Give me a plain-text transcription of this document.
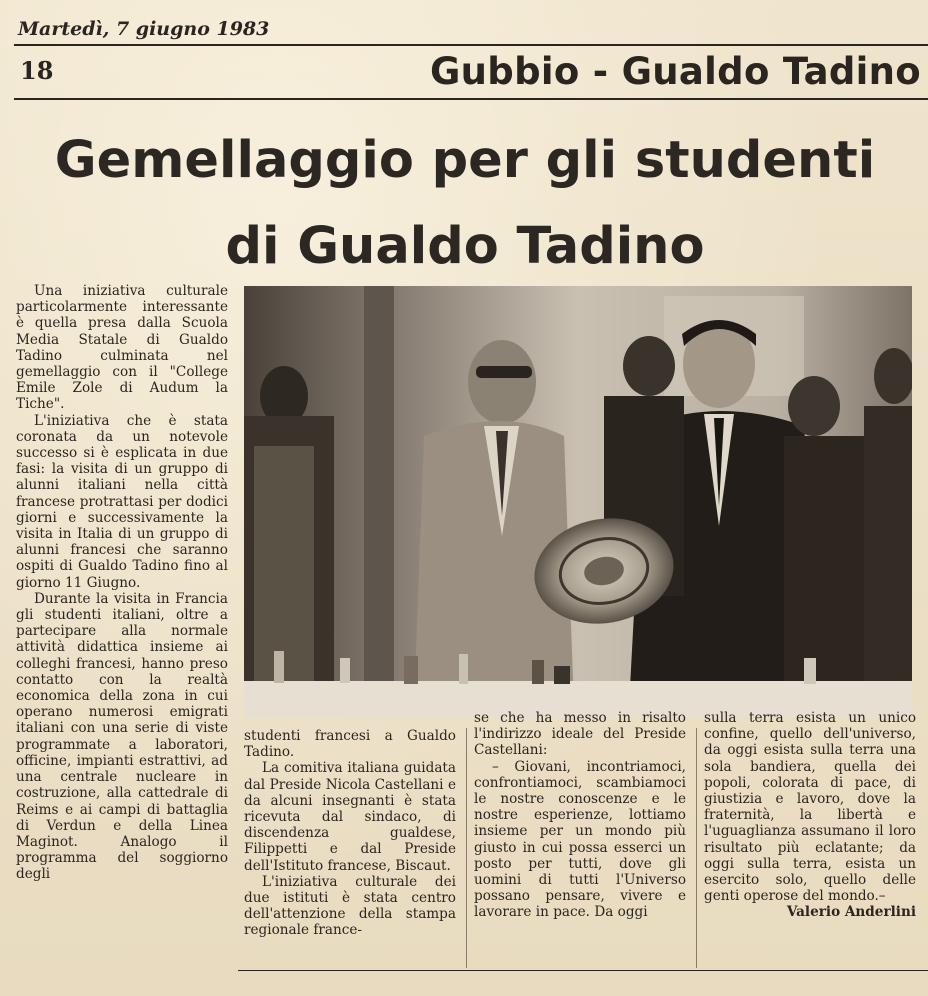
Martedì, 7 giugno 1983
18	Gubbio - Gualdo Tadino
Gemellaggio per gli studenti
di Gualdo Tadino

Una iniziativa culturale particolarmente interessante è quella presa dalla Scuola Media Statale di Gualdo Tadino culminata nel gemellaggio con il "College Emile Zole di Audum la Tiche".

L'iniziativa che è stata coronata da un notevole successo si è esplicata in due fasi: la visita di un gruppo di alunni italiani nella città francese protrattasi per dodici giorni e successivamente la visita in Italia di un gruppo di alunni francesi che saranno ospiti di Gualdo Tadino fino al giorno 11 Giugno.

Durante la visita in Francia gli studenti italiani, oltre a partecipare alla normale attività didattica insieme ai colleghi francesi, hanno preso contatto con la realtà economica della zona in cui operano numerosi emigrati italiani con una serie di viste programmate a laboratori, officine, impianti estrattivi, ad una centrale nucleare in costruzione, alla cattedrale di Reims e ai campi di battaglia di Verdun e della Linea Maginot. Analogo il programma del soggiorno degli

studenti francesi a Gualdo Tadino.

La comitiva italiana guidata dal Preside Nicola Castellani e da alcuni insegnanti è stata ricevuta dal sindaco, di discendenza gualdese, Filippetti e dal Preside dell'Istituto francese, Biscaut.

L'iniziativa culturale dei due istituti è stata centro dell'attenzione della stampa regionale france-

se che ha messo in risalto l'indirizzo ideale del Preside Castellani:

– Giovani, incontriamoci, confrontiamoci, scambiamoci le nostre conoscenze e le nostre esperienze, lottiamo insieme per un mondo più giusto in cui possa esserci un posto per tutti, dove gli uomini di tutti l'Universo possano pensare, vivere e lavorare in pace. Da oggi

sulla terra esista un unico confine, quello dell'universo, da oggi esista sulla terra una sola bandiera, quella dei popoli, colorata di pace, di giustizia e lavoro, dove la fraternità, la libertà e l'uguaglianza assumano il loro risultato più eclatante; da oggi sulla terra, esista un esercito solo, quello delle genti operose del mondo.–

Valerio Anderlini
